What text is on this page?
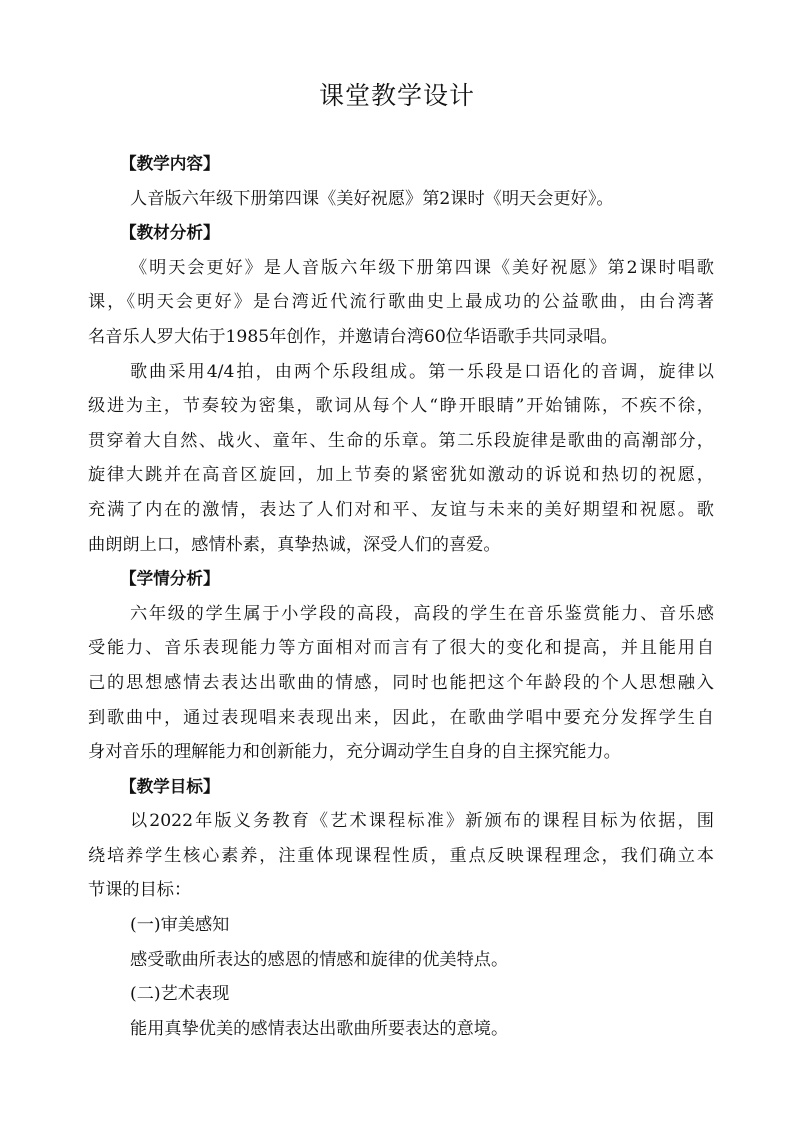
课堂教学设计

【教学内容】

人音版六年级下册第四课《美好祝愿》第2课时《明天会更好》。

【教材分析】

《明天会更好》是人音版六年级下册第四课《美好祝愿》第2课时唱歌

课，《明天会更好》是台湾近代流行歌曲史上最成功的公益歌曲，由台湾著

名音乐人罗大佑于1985年创作，并邀请台湾60位华语歌手共同录唱。

歌曲采用4/4拍，由两个乐段组成。第一乐段是口语化的音调，旋律以

级进为主，节奏较为密集，歌词从每个人“睁开眼睛”开始铺陈，不疾不徐，

贯穿着大自然、战火、童年、生命的乐章。第二乐段旋律是歌曲的高潮部分，

旋律大跳并在高音区旋回，加上节奏的紧密犹如激动的诉说和热切的祝愿，

充满了内在的激情，表达了人们对和平、友谊与未来的美好期望和祝愿。歌

曲朗朗上口，感情朴素，真挚热诚，深受人们的喜爱。

【学情分析】

六年级的学生属于小学段的高段，高段的学生在音乐鉴赏能力、音乐感

受能力、音乐表现能力等方面相对而言有了很大的变化和提高，并且能用自

己的思想感情去表达出歌曲的情感，同时也能把这个年龄段的个人思想融入

到歌曲中，通过表现唱来表现出来，因此，在歌曲学唱中要充分发挥学生自

身对音乐的理解能力和创新能力，充分调动学生自身的自主探究能力。

【教学目标】

以2022年版义务教育《艺术课程标准》新颁布的课程目标为依据，围

绕培养学生核心素养，注重体现课程性质，重点反映课程理念，我们确立本

节课的目标：

(一)审美感知

感受歌曲所表达的感恩的情感和旋律的优美特点。

(二)艺术表现

能用真挚优美的感情表达出歌曲所要表达的意境。
